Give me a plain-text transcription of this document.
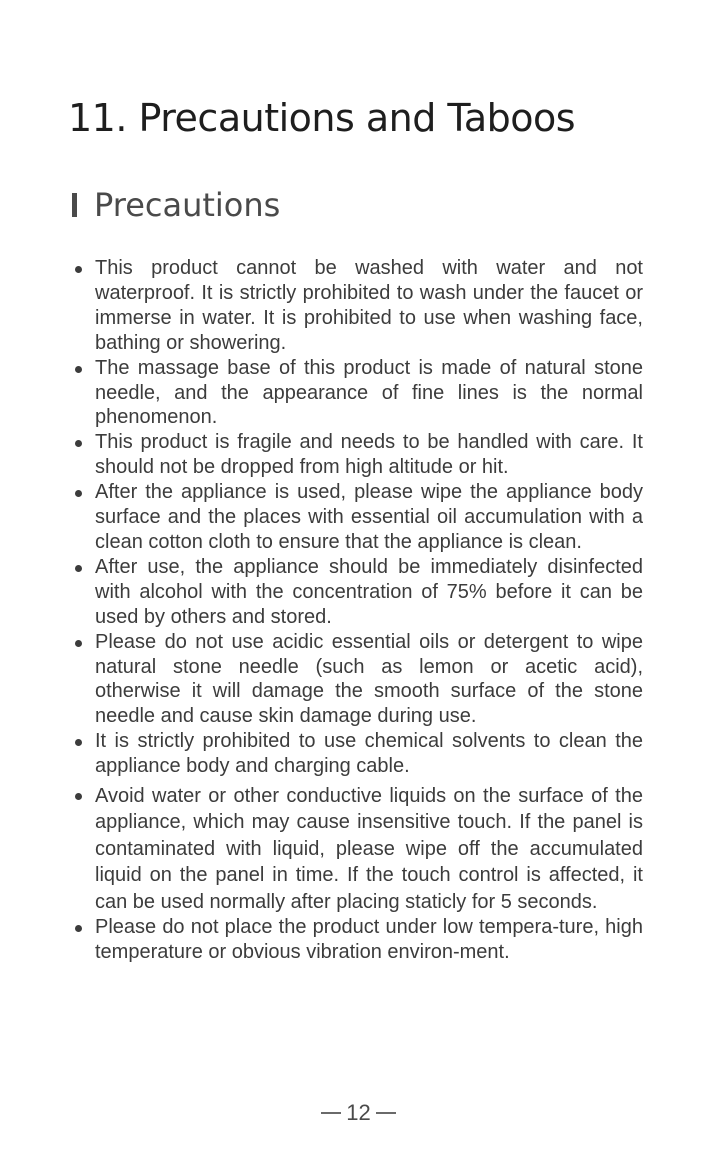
11. Precautions and Taboos
Precautions
This product cannot be washed with water and not waterproof. It is strictly prohibited to wash under the faucet or immerse in water. It is prohibited to use when washing face, bathing or showering.
The massage base of this product is made of natural stone needle, and the appearance of fine lines is the normal phenomenon.
This product is fragile and needs to be handled with care. It should not be dropped from high altitude or hit.
After the appliance is used, please wipe the appliance body surface and the places with essential oil accumulation with a clean cotton cloth to ensure that the appliance is clean.
After use, the appliance should be immediately disinfected with alcohol with the concentration of 75% before it can be used by others and stored.
Please do not use acidic essential oils or detergent to wipe natural stone needle (such as lemon or acetic acid), otherwise it will damage the smooth surface of the stone needle and cause skin damage during use.
It is strictly prohibited to use chemical solvents to clean the appliance body and charging cable.
Avoid water or other conductive liquids on the surface of the appliance, which may cause insensitive touch. If the panel is contaminated with liquid, please wipe off the accumulated liquid on the panel in time. If the touch control is affected, it can be used normally after placing staticly for 5 seconds.
Please do not place the product under low tempera-ture, high temperature or obvious vibration environ-ment.
12
